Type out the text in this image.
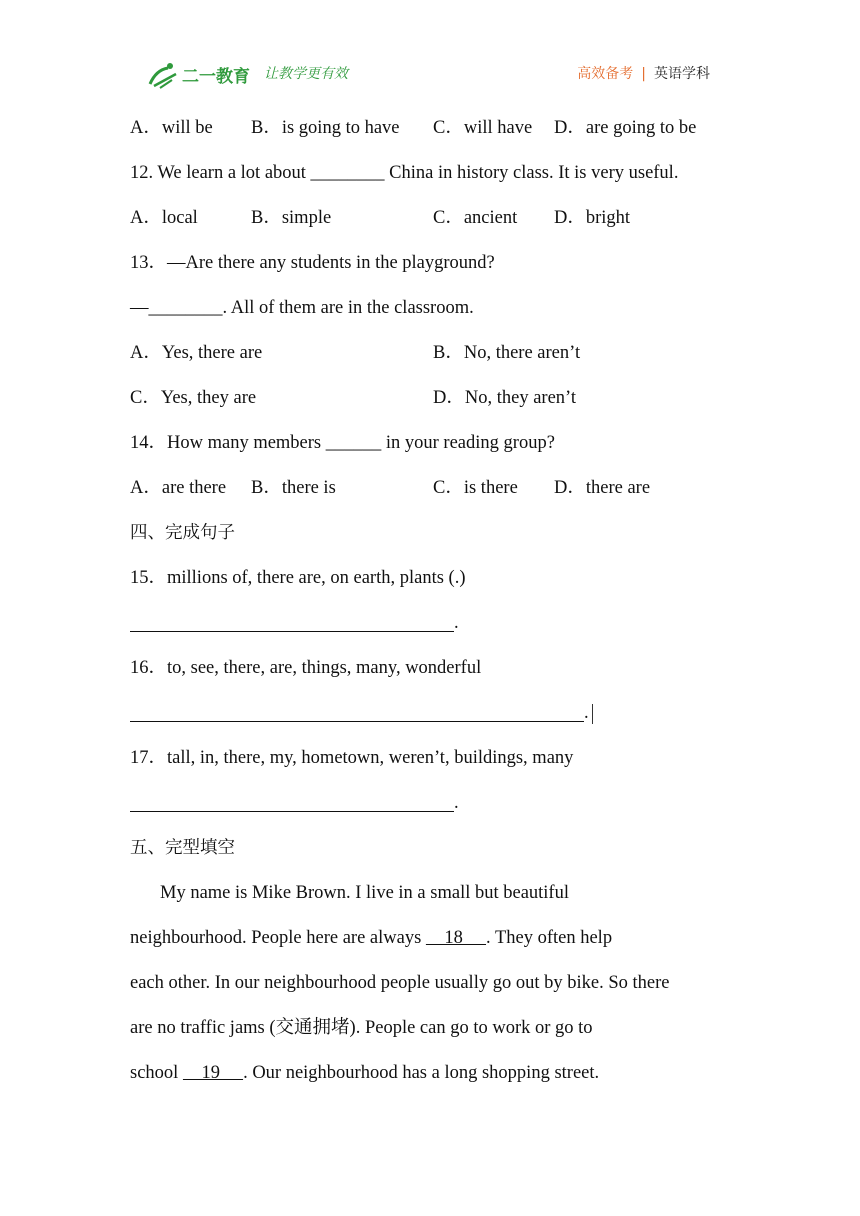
二一教育 让教学更有效	高效备考 | 英语学科
A．will be B．is going to have C．will have D．are going to be
12. We learn a lot about ________ China in history class. It is very useful.
A．local	B．simple	C．ancient D．bright
13．—Are there any students in the playground?
—________. All of them are in the classroom.
A．Yes, there are	B．No, there aren’t
C．Yes, they are	D．No, they aren’t
14．How many members ______ in your reading group?
A．are there B．there is	C．is there D．there are
四、完成句子
15．millions of, there are, on earth, plants (.)
.
16．to, see, there, are, things, many, wonderful
.
17．tall, in, there, my, hometown, weren’t, buildings, many
.
五、完型填空
My name is Mike Brown. I live in a small but beautiful
neighbourhood. People here are always     18     . They often help
each other. In our neighbourhood people usually go out by bike. So there
are no traffic jams (交通拥堵). People can go to work or go to
school     19     . Our neighbourhood has a long shopping street.
